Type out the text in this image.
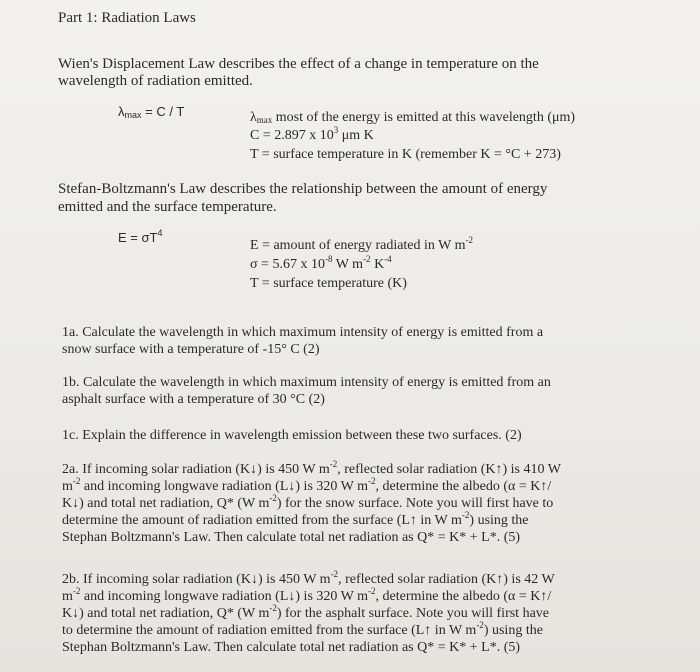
Part 1: Radiation Laws
Wien's Displacement Law describes the effect of a change in temperature on the
wavelength of radiation emitted.
λmax = C / T	λmax most of the energy is emitted at this wavelength (μm)
C = 2.897 x $10^3$ μm K
T = surface temperature in K (remember K = °C + 273)
Stefan-Boltzmann's Law describes the relationship between the amount of energy
emitted and the surface temperature.
$E = \sigma T^4$
E = amount of energy radiated in W $m^{-2}$
σ = 5.67 x $10^{-8}$ W $m^{-2}$ $K^{-4}$
T = surface temperature (K)
1a. Calculate the wavelength in which maximum intensity of energy is emitted from a
snow surface with a temperature of -15° C (2)
1b. Calculate the wavelength in which maximum intensity of energy is emitted from an
asphalt surface with a temperature of 30 °C (2)
1c. Explain the difference in wavelength emission between these two surfaces. (2)
2a. If incoming solar radiation (K↓) is 450 W $m^{-2}$, reflected solar radiation (K↑) is 410 W
$m^{-2}$ and incoming longwave radiation (L↓) is 320 W $m^{-2}$, determine the albedo (α = K↑/
K↓) and total net radiation, Q* (W $m^{-2}$) for the snow surface. Note you will first have to
determine the amount of radiation emitted from the surface (L↑ in W $m^{-2}$) using the
Stephan Boltzmann's Law. Then calculate total net radiation as Q* = K* + L*. (5)
2b. If incoming solar radiation (K↓) is 450 W $m^{-2}$, reflected solar radiation (K↑) is 42 W
$m^{-2}$ and incoming longwave radiation (L↓) is 320 W $m^{-2}$, determine the albedo (α = K↑/
K↓) and total net radiation, Q* (W $m^{-2}$) for the asphalt surface. Note you will first have
to determine the amount of radiation emitted from the surface (L↑ in W $m^{-2}$) using the
Stephan Boltzmann's Law. Then calculate total net radiation as Q* = K* + L*. (5)
